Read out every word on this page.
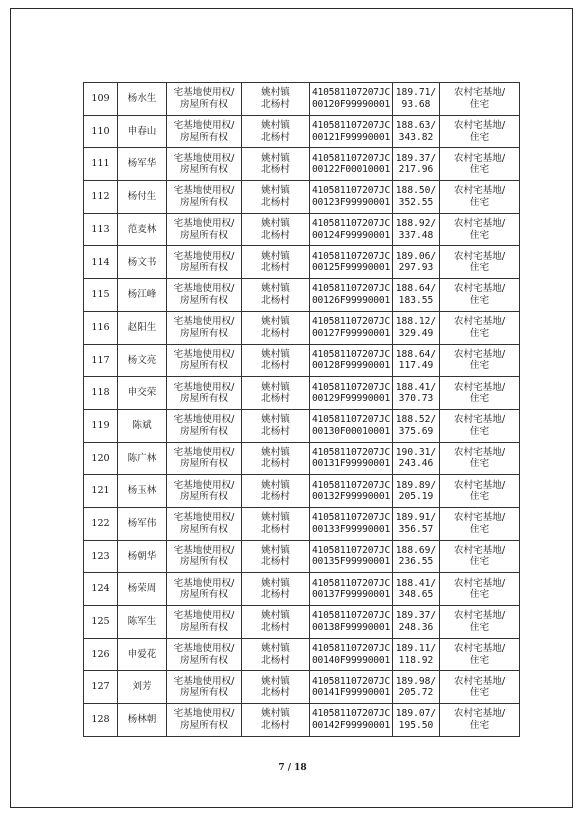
109	杨水生	宅基地使用权/
房屋所有权	姚村镇
北杨村	410581107207JC
00120F99990001	189.71/
93.68	农村宅基地/
住宅

110	申春山	宅基地使用权/
房屋所有权	姚村镇
北杨村	410581107207JC
00121F99990001	188.63/
343.82	农村宅基地/
住宅

111	杨军华	宅基地使用权/
房屋所有权	姚村镇
北杨村	410581107207JC
00122F00010001	189.37/
217.96	农村宅基地/
住宅

112	杨付生	宅基地使用权/
房屋所有权	姚村镇
北杨村	410581107207JC
00123F99990001	188.50/
352.55	农村宅基地/
住宅

113	范麦林	宅基地使用权/
房屋所有权	姚村镇
北杨村	410581107207JC
00124F99990001	188.92/
337.48	农村宅基地/
住宅

114	杨文书	宅基地使用权/
房屋所有权	姚村镇
北杨村	410581107207JC
00125F99990001	189.06/
297.93	农村宅基地/
住宅

115	杨江峰	宅基地使用权/
房屋所有权	姚村镇
北杨村	410581107207JC
00126F99990001	188.64/
183.55	农村宅基地/
住宅

116	赵阳生	宅基地使用权/
房屋所有权	姚村镇
北杨村	410581107207JC
00127F99990001	188.12/
329.49	农村宅基地/
住宅

117	杨文亮	宅基地使用权/
房屋所有权	姚村镇
北杨村	410581107207JC
00128F99990001	188.64/
117.49	农村宅基地/
住宅

118	申交荣	宅基地使用权/
房屋所有权	姚村镇
北杨村	410581107207JC
00129F99990001	188.41/
370.73	农村宅基地/
住宅

119	陈斌	宅基地使用权/
房屋所有权	姚村镇
北杨村	410581107207JC
00130F00010001	188.52/
375.69	农村宅基地/
住宅

120	陈广林	宅基地使用权/
房屋所有权	姚村镇
北杨村	410581107207JC
00131F99990001	190.31/
243.46	农村宅基地/
住宅

121	杨玉林	宅基地使用权/
房屋所有权	姚村镇
北杨村	410581107207JC
00132F99990001	189.89/
205.19	农村宅基地/
住宅

122	杨军伟	宅基地使用权/
房屋所有权	姚村镇
北杨村	410581107207JC
00133F99990001	189.91/
356.57	农村宅基地/
住宅

123	杨朝华	宅基地使用权/
房屋所有权	姚村镇
北杨村	410581107207JC
00135F99990001	188.69/
236.55	农村宅基地/
住宅

124	杨荣周	宅基地使用权/
房屋所有权	姚村镇
北杨村	410581107207JC
00137F99990001	188.41/
348.65	农村宅基地/
住宅

125	陈军生	宅基地使用权/
房屋所有权	姚村镇
北杨村	410581107207JC
00138F99990001	189.37/
248.36	农村宅基地/
住宅

126	申爱花	宅基地使用权/
房屋所有权	姚村镇
北杨村	410581107207JC
00140F99990001	189.11/
118.92	农村宅基地/
住宅

127	刘芳	宅基地使用权/
房屋所有权	姚村镇
北杨村	410581107207JC
00141F99990001	189.98/
205.72	农村宅基地/
住宅

128	杨林朝	宅基地使用权/
房屋所有权	姚村镇
北杨村	410581107207JC
00142F99990001	189.07/
195.50	农村宅基地/
住宅
7 / 18
